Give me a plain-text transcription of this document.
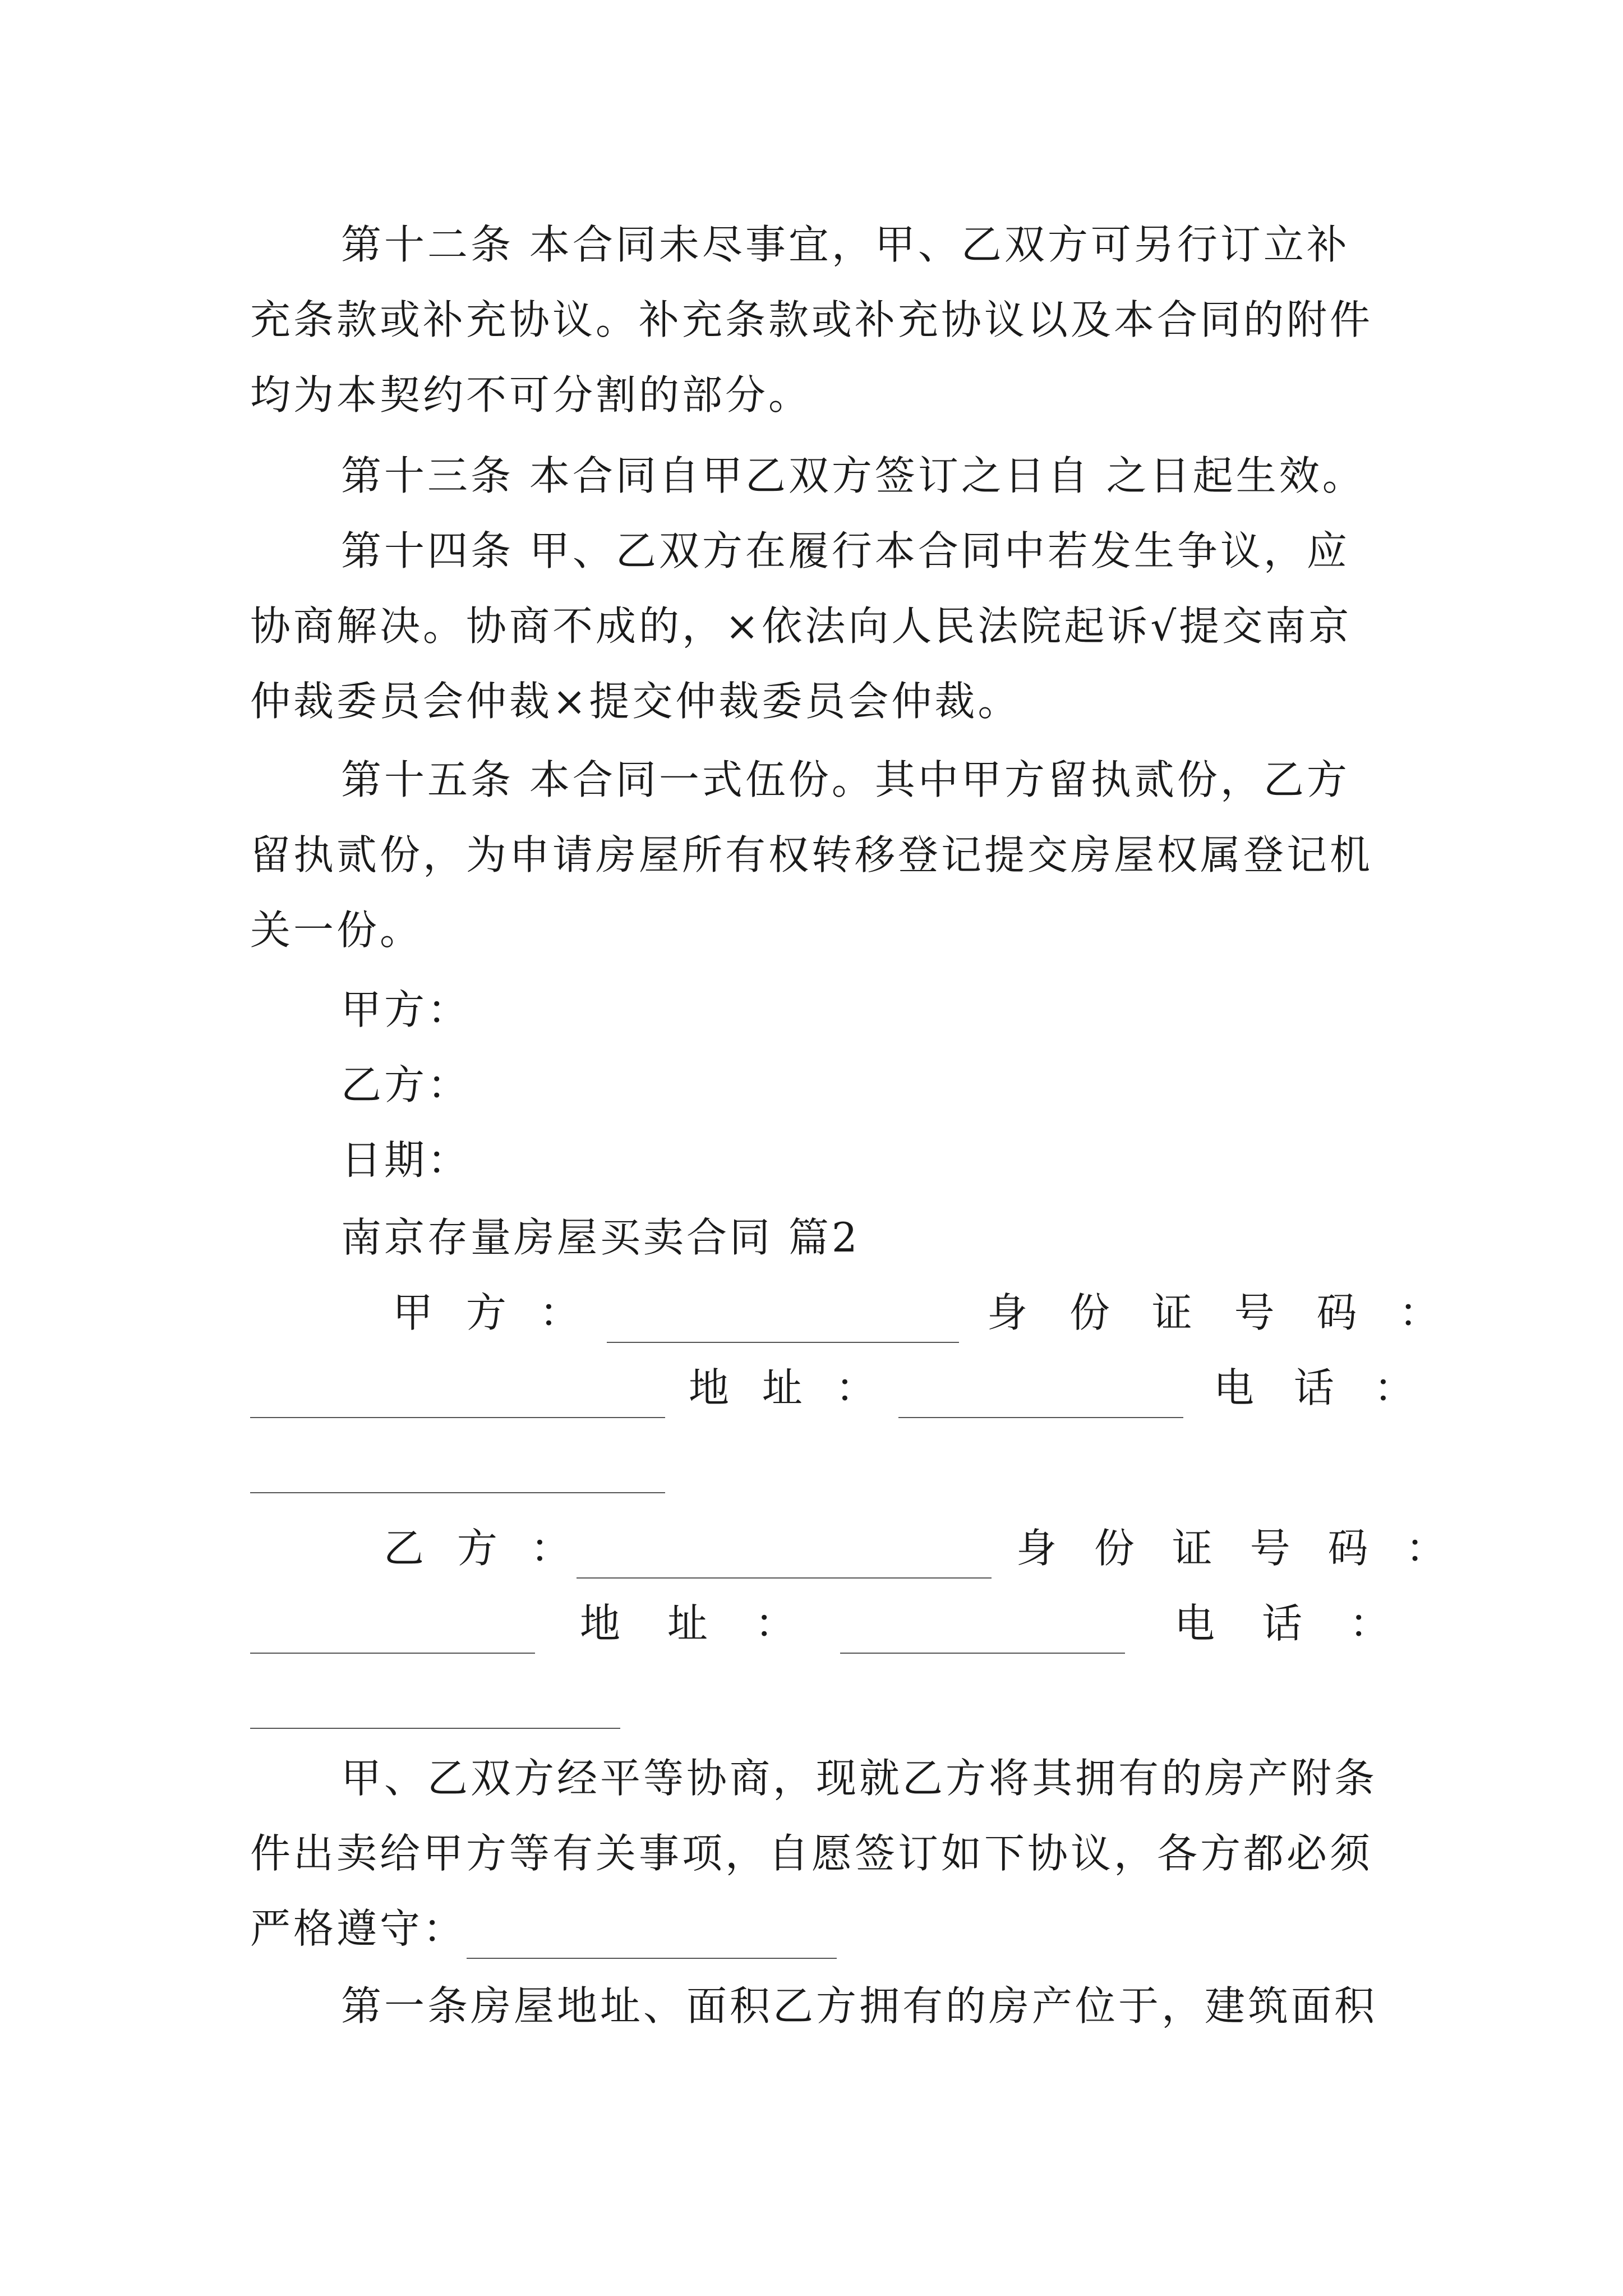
第十二条 本合同未尽事宜，甲、乙双方可另行订立补
充条款或补充协议。补充条款或补充协议以及本合同的附件
均为本契约不可分割的部分。
第十三条 本合同自甲乙双方签订之日自 之日起生效。
第十四条 甲、乙双方在履行本合同中若发生争议，应
协商解决。协商不成的，×依法向人民法院起诉√提交南京
仲裁委员会仲裁×提交仲裁委员会仲裁。
第十五条 本合同一式伍份。其中甲方留执贰份，乙方
留执贰份，为申请房屋所有权转移登记提交房屋权属登记机
关一份。
甲方：
乙方：
日期：
南京存量房屋买卖合同 篇2
甲 方 ：	身 份 证 号 码 ：
地 址 ：	电 话 ：
乙 方 ：	身 份 证 号 码 ：
地　址　：	电　话　：
甲、乙双方经平等协商，现就乙方将其拥有的房产附条
件出卖给甲方等有关事项，自愿签订如下协议，各方都必须
严格遵守：
第一条房屋地址、面积乙方拥有的房产位于，建筑面积
